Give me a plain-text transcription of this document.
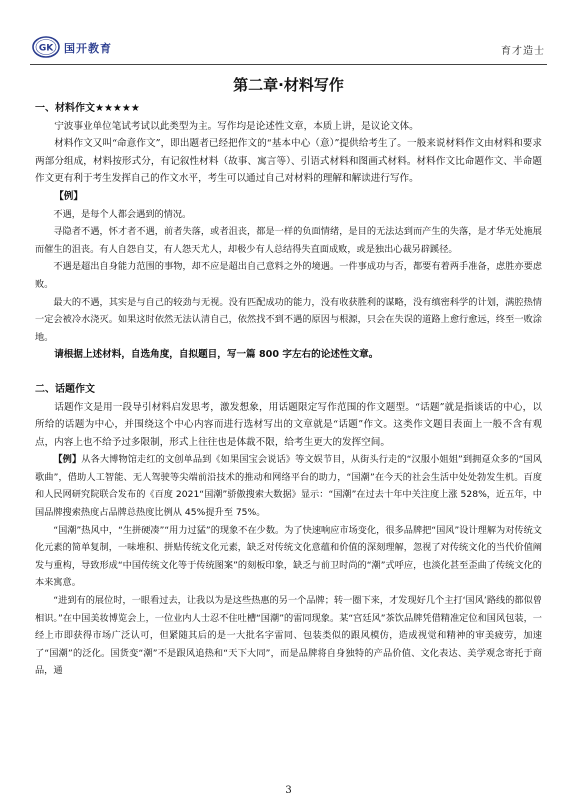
GK 国开教育	育才造士
第二章·材料写作

一、材料作文★★★★★

宁波事业单位笔试考试以此类型为主。写作均是论述性文章，本质上讲，是议论文体。

材料作文又叫“命意作文”，即出题者已经把作文的“基本中心（意）”提供给考生了。一般来说材料作文由材料和要求两部分组成，材料按形式分，有记叙性材料（故事、寓言等）、引语式材料和图画式材料。材料作文比命题作文、半命题作文更有利于考生发挥自己的作文水平，考生可以通过自己对材料的理解和解读进行写作。

【例】

不遇，是每个人都会遇到的情况。

寻隐者不遇，怀才者不遇，前者失落，或者沮丧，都是一样的负面情绪，是目的无法达到而产生的失落，是才华无处施展而催生的沮丧。有人自怨自艾，有人怨天尤人，却极少有人总结得失直面成败，或是独出心裁另辟蹊径。

不遇是超出自身能力范围的事物，却不应是超出自己意料之外的境遇。一件事成功与否，都要有着两手准备，虑胜亦要虑败。

最大的不遇，其实是与自己的较劲与无视。没有匹配成功的能力，没有收获胜利的谋略，没有缜密科学的计划，满腔热情一定会被冷水浇灭。如果这时依然无法认清自己，依然找不到不遇的原因与根源，只会在失误的道路上愈行愈远，终至一败涂地。

请根据上述材料，自选角度，自拟题目，写一篇 800 字左右的论述性文章。

二、话题作文

话题作文是用一段导引材料启发思考，激发想象，用话题限定写作范围的作文题型。“话题”就是指谈话的中心，以所给的话题为中心，并围绕这个中心内容而进行选材写出的文章就是“话题”作文。这类作文题目表面上一般不含有观点，内容上也不给予过多限制，形式上往往也是体裁不限，给考生更大的发挥空间。

【例】从各大博物馆走红的文创单品到《如果国宝会说话》等文娱节目，从街头行走的“汉服小姐姐”到拥趸众多的“国风歌曲”，借助人工智能、无人驾驶等尖端前沿技术的推动和网络平台的助力，“国潮”在今天的社会生活中处处勃发生机。百度和人民网研究院联合发布的《百度 2021“国潮”骄傲搜索大数据》显示：“国潮”在过去十年中关注度上涨 528%，近五年，中国品牌搜索热度占品牌总热度比例从 45%提升至 75%。

“国潮”热风中，“生拼硬凑”“用力过猛”的现象不在少数。为了快速响应市场变化，很多品牌把“国风”设计理解为对传统文化元素的简单复制，一味堆积、拼贴传统文化元素，缺乏对传统文化意蕴和价值的深刻理解，忽视了对传统文化的当代价值阐发与重构，导致形成“中国传统文化等于传统图案”的刻板印象，缺乏与前卫时尚的“潮”式呼应，也淡化甚至歪曲了传统文化的本来寓意。

“进到有的展位时，一眼看过去，让我以为是这些热惠的另一个品牌；转一圈下来，才发现好几个主打‘国风’路线的都似曾相识。”在中国美妆博览会上，一位业内人士忍不住吐槽“国潮”的雷同现象。某“宫廷风”茶饮品牌凭借精准定位和国风包装，一经上市即获得市场广泛认可，但紧随其后的是一大批名字雷同、包装类似的跟风模仿，造成视觉和精神的审美疲劳，加速了“国潮”的泛化。国货变“潮”不是跟风追热和“天下大同”，而是品牌将自身独特的产品价值、文化表达、美学观念寄托于商品，通

3
